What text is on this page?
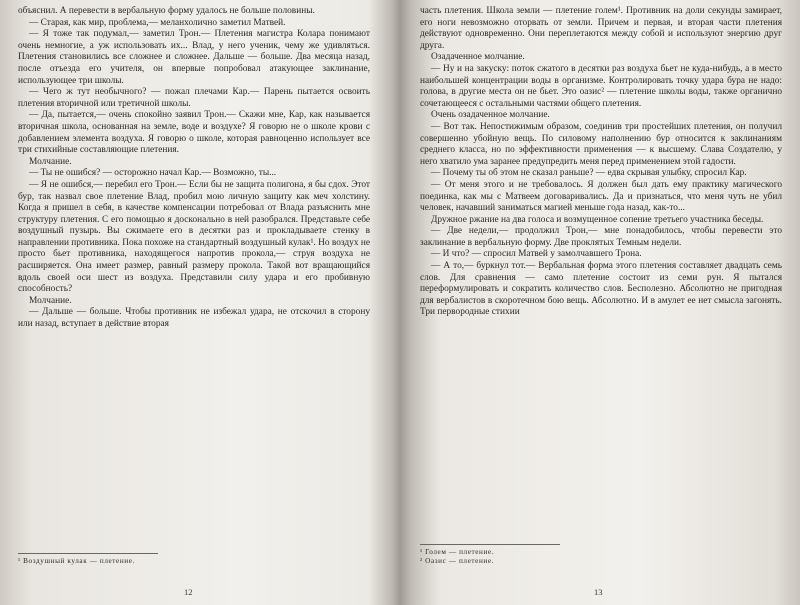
объяснил. А перевести в вербальную форму удалось не больше половины.

— Старая, как мир, проблема,— меланхолично заметил Матвей.

— Я тоже так подумал,— заметил Трон.— Плетения магистра Колара понимают очень немногие, а уж использовать их... Влад, у него ученик, чему же удивляться. Плетения становились все сложнее и сложнее. Дальше — больше. Два месяца назад, после отъезда его учителя, он впервые попробовал атакующее заклинание, использующее три школы.

— Чего ж тут необычного? — пожал плечами Кар.— Парень пытается освоить плетения вторичной или третичной школы.

— Да, пытается,— очень спокойно заявил Трон.— Скажи мне, Кар, как называется вторичная школа, основанная на земле, воде и воздухе? Я говорю не о школе крови с добавлением элемента воздуха. Я говорю о школе, которая равноценно использует все три стихийные составляющие плетения.

Молчание.

— Ты не ошибся? — осторожно начал Кар.— Возможно, ты...

— Я не ошибся,— перебил его Трон.— Если бы не защита полигона, я бы сдох. Этот бур, так назвал свое плетение Влад, пробил мою личную защиту как меч холстину. Когда я пришел в себя, в качестве компенсации потребовал от Влада разъяснить мне структуру плетения. С его помощью я досконально в ней разобрался. Представьте себе воздушный пузырь. Вы сжимаете его в десятки раз и прокладываете стенку в направлении противника. Пока похоже на стандартный воздушный кулак¹. Но воздух не просто бьет противника, находящегося напротив прокола,— струя воздуха не расширяется. Она имеет размер, равный размеру прокола. Такой вот вращающийся вдоль своей оси шест из воздуха. Представили силу удара и его пробивную способность?

Молчание.

— Дальше — больше. Чтобы противник не избежал удара, не отскочил в сторону или назад, вступает в действие вторая

¹ Воздушный кулак — плетение.

12

часть плетения. Школа земли — плетение голем¹. Противник на доли секунды замирает, его ноги невозможно оторвать от земли. Причем и первая, и вторая части плетения действуют одновременно. Они переплетаются между собой и используют энергию друг друга.

Озадаченное молчание.

— Ну и на закуску: поток сжатого в десятки раз воздуха бьет не куда-нибудь, а в место наибольшей концентрации воды в организме. Контролировать точку удара бура не надо: голова, в другие места он не бьет. Это оазис² — плетение школы воды, также органично сочетающееся с остальными частями общего плетения.

Очень озадаченное молчание.

— Вот так. Непостижимым образом, соединив три простейших плетения, он получил совершенно убойную вещь. По силовому наполнению бур относится к заклинаниям среднего класса, но по эффективности применения — к высшему. Слава Создателю, у него хватило ума заранее предупредить меня перед применением этой гадости.

— Почему ты об этом не сказал раньше? — едва скрывая улыбку, спросил Кар.

— От меня этого и не требовалось. Я должен был дать ему практику магического поединка, как мы с Матвеем договаривались. Да и признаться, что меня чуть не убил человек, начавший заниматься магией меньше года назад, как-то...

Дружное ржание на два голоса и возмущенное сопение третьего участника беседы.

— Две недели,— продолжил Трон,— мне понадобилось, чтобы перевести это заклинание в вербальную форму. Две проклятых Темным недели.

— И что? — спросил Матвей у замолчавшего Трона.

— А то,— буркнул тот.— Вербальная форма этого плетения составляет двадцать семь слов. Для сравнения — само плетение состоит из семи рун. Я пытался переформулировать и сократить количество слов. Бесполезно. Абсолютно не пригодная для вербалистов в скоротечном бою вещь. Абсолютно. И в амулет ее нет смысла загонять. Три первородные стихии

¹ Голем — плетение.

² Оазис — плетение.

13
